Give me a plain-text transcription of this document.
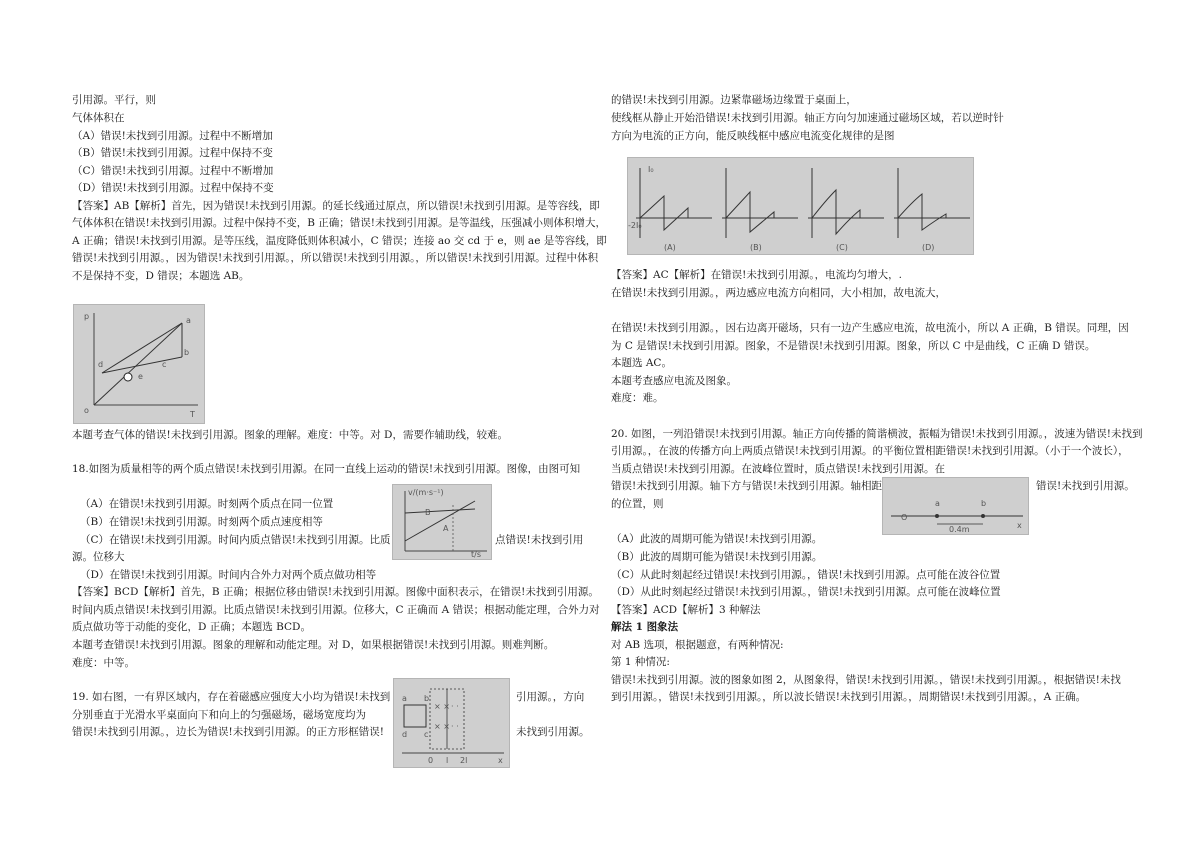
引用源。平行，则
气体体积在
（A）错误!未找到引用源。过程中不断增加
（B）错误!未找到引用源。过程中保持不变
（C）错误!未找到引用源。过程中不断增加
（D）错误!未找到引用源。过程中保持不变
【答案】AB【解析】首先，因为错误!未找到引用源。的延长线通过原点，所以错误!未找到引用源。是等容线，即
气体体积在错误!未找到引用源。过程中保持不变，B 正确；错误!未找到引用源。是等温线，压强减小则体积增大，
A 正确；错误!未找到引用源。是等压线，温度降低则体积减小，C 错误；连接 ao 交 cd 于 e，则 ae 是等容线，即
错误!未找到引用源。，因为错误!未找到引用源。，所以错误!未找到引用源。，所以错误!未找到引用源。过程中体积
不是保持不变，D 错误；本题选 AB。
p	a
b
d
e
c
o	T
本题考查气体的错误!未找到引用源。图象的理解。难度：中等。对 D，需要作辅助线，较难。
18.如图为质量相等的两个质点错误!未找到引用源。在同一直线上运动的错误!未找到引用源。图像，由图可知
v/(m·s⁻¹)
B
A
t/s
（A）在错误!未找到引用源。时刻两个质点在同一位置
（B）在错误!未找到引用源。时刻两个质点速度相等
（C）在错误!未找到引用源。时间内质点错误!未找到引用源。比质	点错误!未找到引用
源。位移大
（D）在错误!未找到引用源。时间内合外力对两个质点做功相等
【答案】BCD【解析】首先，B 正确；根据位移由错误!未找到引用源。图像中面积表示，在错误!未找到引用源。
时间内质点错误!未找到引用源。比质点错误!未找到引用源。位移大，C 正确而 A 错误；根据动能定理，合外力对
质点做功等于动能的变化，D 正确；本题选 BCD。
本题考查错误!未找到引用源。图象的理解和动能定理。对 D，如果根据错误!未找到引用源。则难判断。
难度：中等。
× ×
× ×
· ·
· ·
a b
c
d
0 l 2l	x
19. 如右图，一有界区域内，存在着磁感应强度大小均为错误!未找到	引用源。，方向
分别垂直于光滑水平桌面向下和向上的匀强磁场，磁场宽度均为
错误!未找到引用源。，边长为错误!未找到引用源。的正方形框错误!	未找到引用源。
的错误!未找到引用源。边紧靠磁场边缘置于桌面上，
使线框从静止开始沿错误!未找到引用源。轴正方向匀加速通过磁场区域，若以逆时针
方向为电流的正方向，能反映线框中感应电流变化规律的是图
I₀
-2I₀
(A)	(B)	(C)	(D)
【答案】AC【解析】在错误!未找到引用源。，电流均匀增大，.
在错误!未找到引用源。，两边感应电流方向相同，大小相加，故电流大，
在错误!未找到引用源。，因右边离开磁场，只有一边产生感应电流，故电流小，所以 A 正确，B 错误。同理，因
为 C 是错误!未找到引用源。图象，不是错误!未找到引用源。图象，所以 C 中是曲线，C 正确 D 错误。
本题选 AC。
本题考查感应电流及图象。
难度：难。
20. 如图，一列沿错误!未找到引用源。轴正方向传播的简谐横波，振幅为错误!未找到引用源。，波速为错误!未找到
引用源。，在波的传播方向上两质点错误!未找到引用源。的平衡位置相距错误!未找到引用源。（小于一个波长），
当质点错误!未找到引用源。在波峰位置时，质点错误!未找到引用源。在
错误!未找到引用源。轴下方与错误!未找到引用源。轴相距	错误!未找到引用源。
的位置，则
O
a	b
0.4m	x
（A）此波的周期可能为错误!未找到引用源。
（B）此波的周期可能为错误!未找到引用源。
（C）从此时刻起经过错误!未找到引用源。，错误!未找到引用源。点可能在波谷位置
（D）从此时刻起经过错误!未找到引用源。，错误!未找到引用源。点可能在波峰位置
【答案】ACD【解析】3 种解法
解法 1 图象法
对 AB 选项，根据题意，有两种情况:
第 1 种情况:
错误!未找到引用源。波的图象如图 2，从图象得，错误!未找到引用源。，错误!未找到引用源。，根据错误!未找
到引用源。，错误!未找到引用源。，所以波长错误!未找到引用源。，周期错误!未找到引用源。，A 正确。
